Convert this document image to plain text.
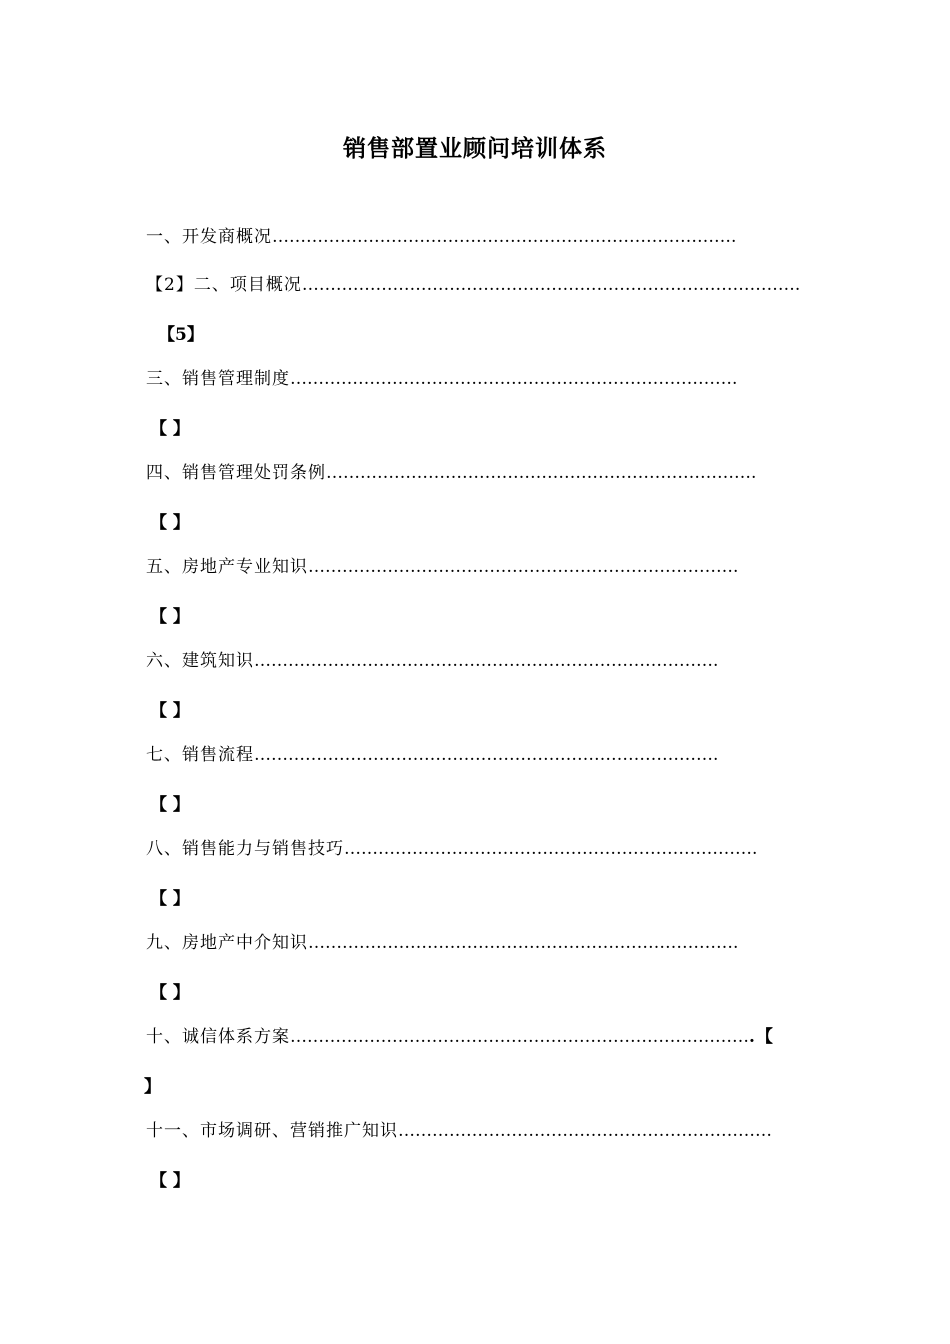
销售部置业顾问培训体系
一、开发商概况……………………………………………………………………….
【2】二、项目概况…………………………………………………………………………….
【5】
三、销售管理制度…………………………………………………………………….
【 】
四、销售管理处罚条例………………………………………………………………….
【 】
五、房地产专业知识………………………………………………………………….
【 】
六、建筑知识……………………………………………………………………….
【 】
七、销售流程……………………………………………………………………….
【 】
八、销售能力与销售技巧……………………………………………………………….
【 】
九、房地产中介知识………………………………………………………………….
【 】
十、诚信体系方案……………………………………………………………………….【
】
十一、市场调研、营销推广知识…………………………………………………………
【 】
